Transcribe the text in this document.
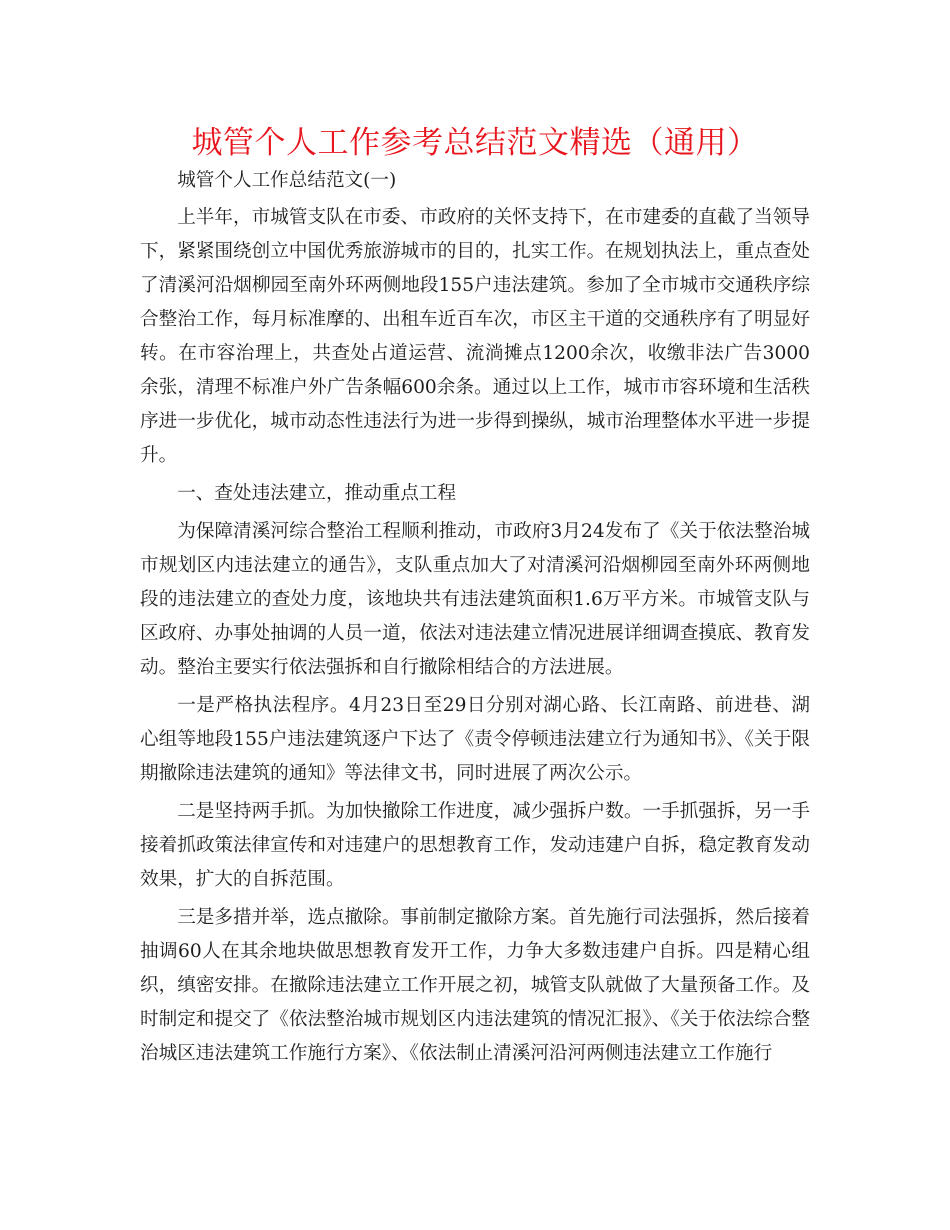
城管个人工作参考总结范文精选（通用）

城管个人工作总结范文(一)

上半年，市城管支队在市委、市政府的关怀支持下，在市建委的直截了当领导下，紧紧围绕创立中国优秀旅游城市的目的，扎实工作。在规划执法上，重点查处了清溪河沿烟柳园至南外环两侧地段155户违法建筑。参加了全市城市交通秩序综合整治工作，每月标准摩的、出租车近百车次，市区主干道的交通秩序有了明显好转。在市容治理上，共查处占道运营、流淌摊点1200余次，收缴非法广告3000余张，清理不标准户外广告条幅600余条。通过以上工作，城市市容环境和生活秩序进一步优化，城市动态性违法行为进一步得到操纵，城市治理整体水平进一步提升。

一、查处违法建立，推动重点工程

为保障清溪河综合整治工程顺利推动，市政府3月24发布了《关于依法整治城市规划区内违法建立的通告》，支队重点加大了对清溪河沿烟柳园至南外环两侧地段的违法建立的查处力度，该地块共有违法建筑面积1.6万平方米。市城管支队与区政府、办事处抽调的人员一道，依法对违法建立情况进展详细调查摸底、教育发动。整治主要实行依法强拆和自行撤除相结合的方法进展。

一是严格执法程序。4月23日至29日分别对湖心路、长江南路、前进巷、湖心组等地段155户违法建筑逐户下达了《责令停顿违法建立行为通知书》、《关于限期撤除违法建筑的通知》等法律文书，同时进展了两次公示。

二是坚持两手抓。为加快撤除工作进度，减少强拆户数。一手抓强拆，另一手接着抓政策法律宣传和对违建户的思想教育工作，发动违建户自拆，稳定教育发动效果，扩大的自拆范围。

三是多措并举，选点撤除。事前制定撤除方案。首先施行司法强拆，然后接着抽调60人在其余地块做思想教育发开工作，力争大多数违建户自拆。四是精心组织，缜密安排。在撤除违法建立工作开展之初，城管支队就做了大量预备工作。及时制定和提交了《依法整治城市规划区内违法建筑的情况汇报》、《关于依法综合整治城区违法建筑工作施行方案》、《依法制止清溪河沿河两侧违法建立工作施行
